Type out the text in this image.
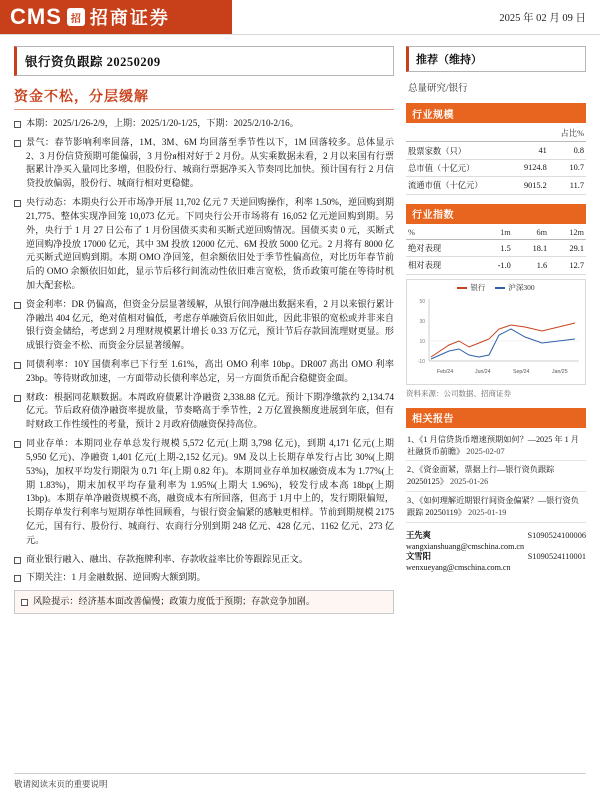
CMS 招 招商证券	2025 年 02 月 09 日
银行资负跟踪 20250209
资金不松，分层缓解
本期：2025/1/26-2/9，上期：2025/1/20-1/25，下期：2025/2/10-2/16。
景气：春节影响利率回落，1M、3M、6M 均回落至季节性以下，1M 回落较多。总体显示 2、3 月份信贷预期可能偏弱，3 月份я相对好于 2 月份。从实乘数据未看，2 月以来国有行票据累计净买入量同比多增，但股份行、城商行票据净买入节奏同比加快。预计国有行 2 月信贷投放偏弱，股份行、城商行相对更稳健。
央行动态：本期央行公开市场净开展 11,702 亿元 7 天逆回购操作，利率 1.50%，逆回购到期 21,775、整体实现净回笼 10,073 亿元。下同央行公开市场将有 16,052 亿元逆回购到期。另外，央行于 1 月 27 日公布了 1 月份国债买卖和买断式逆回购情况。国债买卖 0 元，买断式逆回购净投放 17000 亿元，其中 3M 投放 12000 亿元、6M 投放 5000 亿元。2 月将有 8000 亿元买断式逆回购到期。本期 OMO 净回笼，但余额依旧处于季节性偏高位，对比历年春节前后的 OMO 余额依旧如此，显示节后移行间流动性依旧难言宽松，货币政策可能在等待时机加大配套松。
资金利率：DR 仍偏高，但资金分层显著缓解，从银行间净融出数据来看，2 月以来银行累计净融出 404 亿元，绝对值相对偏低，考虑存单融资后依旧如此，因此非银的宽松或并非来自银行资金储给，考虑到 2 月理财规模累计增长 0.33 万亿元，预计节后存款回流理财更显。形成银行资金不松、而资金分层显著缓解。
同债利率：10Y 国债利率已下行至 1.61%，高出 OMO 利率 10bp。DR007 高出 OMO 利率 23bp。等待财政加速，一方面带动长债利率怂定，另一方面货币配合稳健资金面。
财政：根据同花顺数据。本周政府债累计净融资 2,338.88 亿元。预计下期净缴款约 2,134.74 亿元。节后政府债净融资率提放量，节奏略高于季节性，2 万亿置换额度进展到年底，但有时财政工作性缓性的考量，预计 2 月政府债融资保持高位。
同业存单：本期同业存单总发行规模 5,572 亿元(上期 3,798 亿元)，到期 4,171 亿元(上期 5,950 亿元)、净融资 1,401 亿元(上期-2,152 亿元)。9M 及以上长期存单发行占比 30%(上期 53%)，加权平均发行期限为 0.71 年(上期 0.82 年)。本期同业存单加权融资成本为 1.77%(上期 1.83%)，期末加权平均存量利率为 1.95%(上期大 1.96%)，较发行成本高 18bp(上期 13bp)。本期存单净融资规模不高，融资成本有所回落，但高于 1月中上的，发行期限偏短，长期存单发行利率与短期存单性回顾看，与银行资金偏紧的感触更相样。节前到期规模 2175 亿元，国有行、股份行、城商行、农商行分别到期 248 亿元、428 亿元、1162 亿元、273 亿元。
商业银行融入、融出、存款拖牌利率、存款收益率比价等跟踪见正文。
下期关注：1 月金融数据、逆回购大额到期。
风险提示：经济基本面改善偏慢；政策力度低于预期；存款竞争加剧。
推荐（维持）
总量研究/银行
行业规模
		占比%
股票家数（只）	41	0.8
总市值（十亿元）	9124.8	10.7
流通市值（十亿元）	9015.2	11.7
行业指数
%	1m	6m	12m
绝对表现	1.5	18.1	29.1
相对表现	-1.0	1.6	12.7
银行	沪深300
50
30
10
-10
Feb/24	Jun/24	Sep/24	Jan/25
资料来源：公司数据、招商证券
相关报告
1、《1 月信贷货币增速预期如何？—2025 年 1 月社融货币前瞻》 2025-02-07
2、《资金面紧，票据上行—银行资负跟踪 20250125》 2025-01-26
3、《如何理解近期银行间资金偏紧？—银行资负跟踪 20250119》 2025-01-19
王先爽	S1090524100006
wangxianshuang@cmschina.com.cn
文雪阳	S1090524110001
wenxueyang@cmschina.com.cn
敬请阅读末页的重要说明
